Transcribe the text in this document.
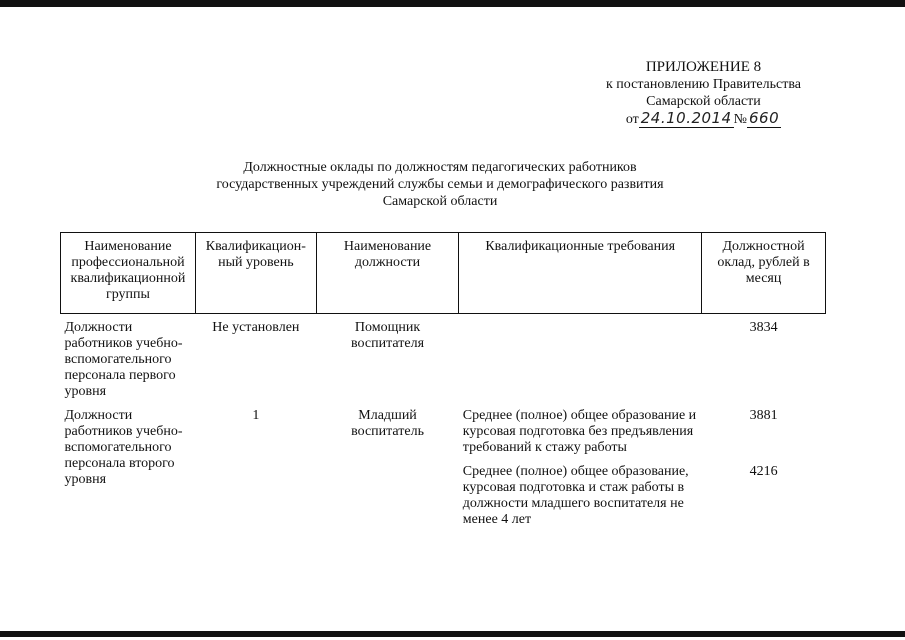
ПРИЛОЖЕНИЕ 8
к постановлению Правительства
Самарской области
от 24.10.2014 № 660
Должностные оклады по должностям педагогических работников
государственных учреждений службы семьи и демографического развития
Самарской области
Наименование профессиональной квалификационной группы	Квалификацион-ный уровень	Наименование должности	Квалификационные требования	Должностной оклад, рублей в месяц
Должности работников учебно-вспомогательного персонала первого уровня	Не установлен	Помощник воспитателя		3834
Должности работников учебно-вспомогательного персонала второго уровня	1	Младший воспитатель	Среднее (полное) общее образование и курсовая подготовка без предъявления требований к стажу работы	3881
			Среднее (полное) общее образование, курсовая подготовка и стаж работы в должности младшего воспитателя не менее 4 лет	4216
